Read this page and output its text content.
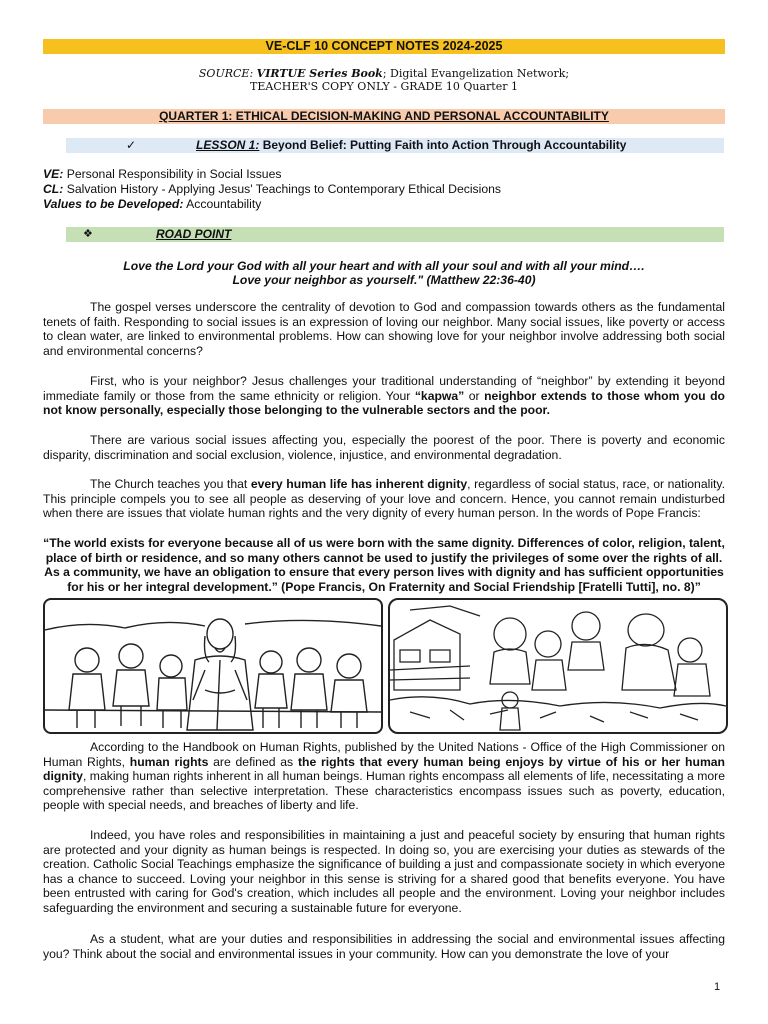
VE-CLF 10 CONCEPT NOTES 2024-2025
SOURCE: VIRTUE Series Book; Digital Evangelization Network;
TEACHER'S COPY ONLY - GRADE 10 Quarter 1
QUARTER 1: ETHICAL DECISION-MAKING AND PERSONAL ACCOUNTABILITY
✓	LESSON 1: Beyond Belief: Putting Faith into Action Through Accountability
VE: Personal Responsibility in Social Issues
CL: Salvation History - Applying Jesus' Teachings to Contemporary Ethical Decisions
Values to be Developed: Accountability
❖	ROAD POINT
Love the Lord your God with all your heart and with all your soul and with all your mind….
Love your neighbor as yourself." (Matthew 22:36-40)
The gospel verses underscore the centrality of devotion to God and compassion towards others as the fundamental tenets of faith. Responding to social issues is an expression of loving our neighbor. Many social issues, like poverty or access to clean water, are linked to environmental problems. How can showing love for your neighbor involve addressing both social and environmental concerns?
First, who is your neighbor? Jesus challenges your traditional understanding of “neighbor” by extending it beyond immediate family or those from the same ethnicity or religion. Your “kapwa” or neighbor extends to those whom you do not know personally, especially those belonging to the vulnerable sectors and the poor.
There are various social issues affecting you, especially the poorest of the poor. There is poverty and economic disparity, discrimination and social exclusion, violence, injustice, and environmental degradation.
The Church teaches you that every human life has inherent dignity, regardless of social status, race, or nationality. This principle compels you to see all people as deserving of your love and concern. Hence, you cannot remain undisturbed when there are issues that violate human rights and the very dignity of every human person. In the words of Pope Francis:
“The world exists for everyone because all of us were born with the same dignity. Differences of color, religion, talent, place of birth or residence, and so many others cannot be used to justify the privileges of some over the rights of all. As a community, we have an obligation to ensure that every person lives with dignity and has sufficient opportunities for his or her integral development.” (Pope Francis, On Fraternity and Social Friendship [Fratelli Tutti], no. 8)”
According to the Handbook on Human Rights, published by the United Nations - Office of the High Commissioner on Human Rights, human rights are defined as the rights that every human being enjoys by virtue of his or her human dignity, making human rights inherent in all human beings. Human rights encompass all elements of life, necessitating a more comprehensive rather than selective interpretation. These characteristics encompass issues such as poverty, education, people with special needs, and breaches of liberty and life.
Indeed, you have roles and responsibilities in maintaining a just and peaceful society by ensuring that human rights are protected and your dignity as human beings is respected. In doing so, you are exercising your duties as stewards of the creation. Catholic Social Teachings emphasize the significance of building a just and compassionate society in which everyone has a chance to succeed. Loving your neighbor in this sense is striving for a shared good that benefits everyone. You have been entrusted with caring for God's creation, which includes all people and the environment. Loving your neighbor includes safeguarding the environment and securing a sustainable future for everyone.
As a student, what are your duties and responsibilities in addressing the social and environmental issues affecting you? Think about the social and environmental issues in your community. How can you demonstrate the love of your
1
